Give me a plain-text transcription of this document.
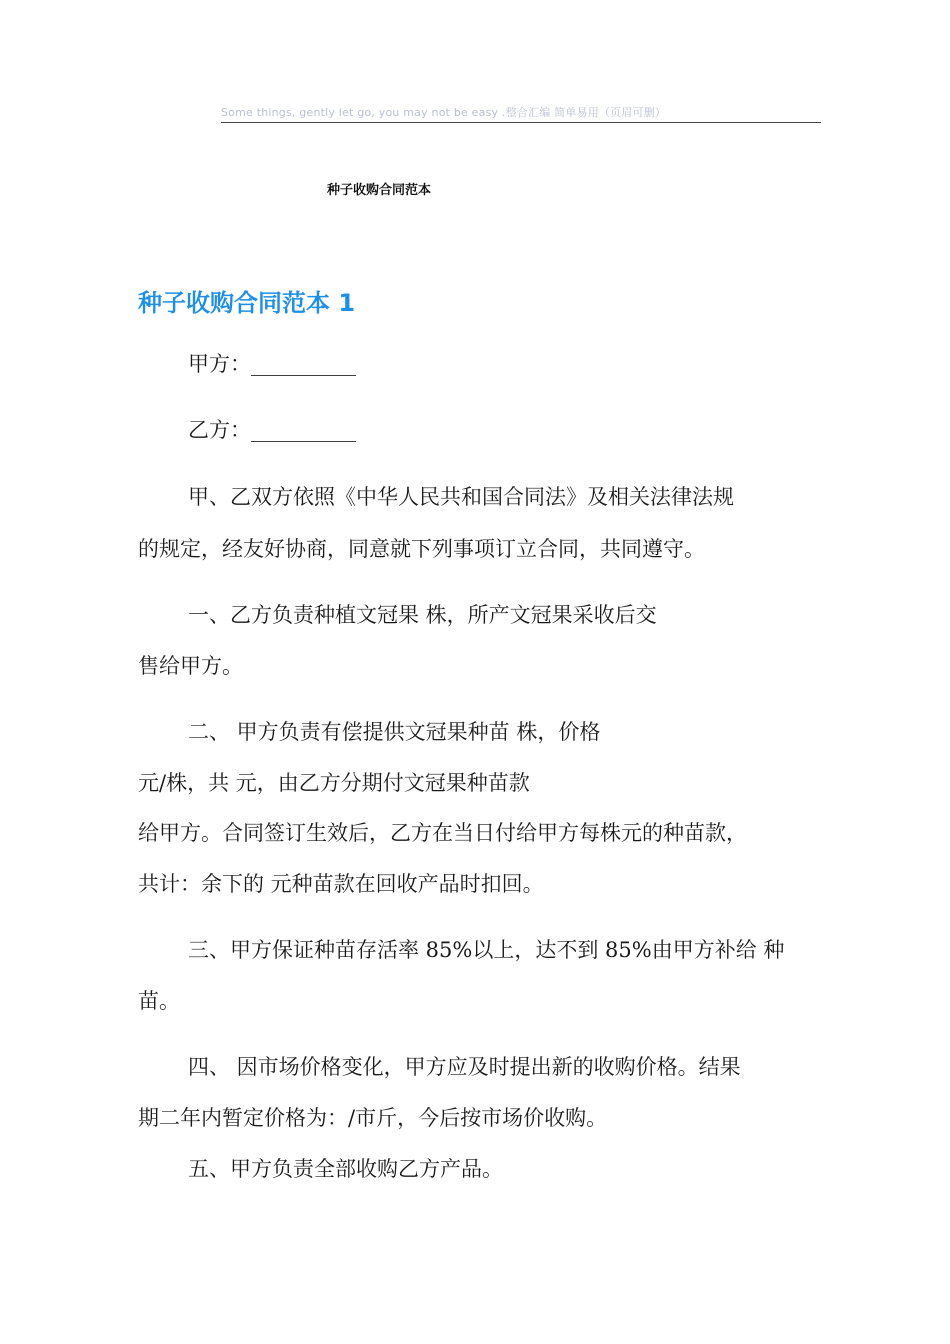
Some things, gently let go, you may not be easy .整合汇编 简单易用（页眉可删）
种子收购合同范本
种子收购合同范本 1
甲方：__________
乙方：__________
甲、乙双方依照《中华人民共和国合同法》及相关法律法规
的规定，经友好协商，同意就下列事项订立合同，共同遵守。
一、乙方负责种植文冠果 株，所产文冠果采收后交
售给甲方。
二、 甲方负责有偿提供文冠果种苗 株，价格
元/株，共 元，由乙方分期付文冠果种苗款
给甲方。合同签订生效后，乙方在当日付给甲方每株元的种苗款，
共计：余下的 元种苗款在回收产品时扣回。
三、甲方保证种苗存活率 85%以上，达不到 85%由甲方补给 种
苗。
四、 因市场价格变化，甲方应及时提出新的收购价格。结果
期二年内暂定价格为：/市斤，今后按市场价收购。
五、甲方负责全部收购乙方产品。
